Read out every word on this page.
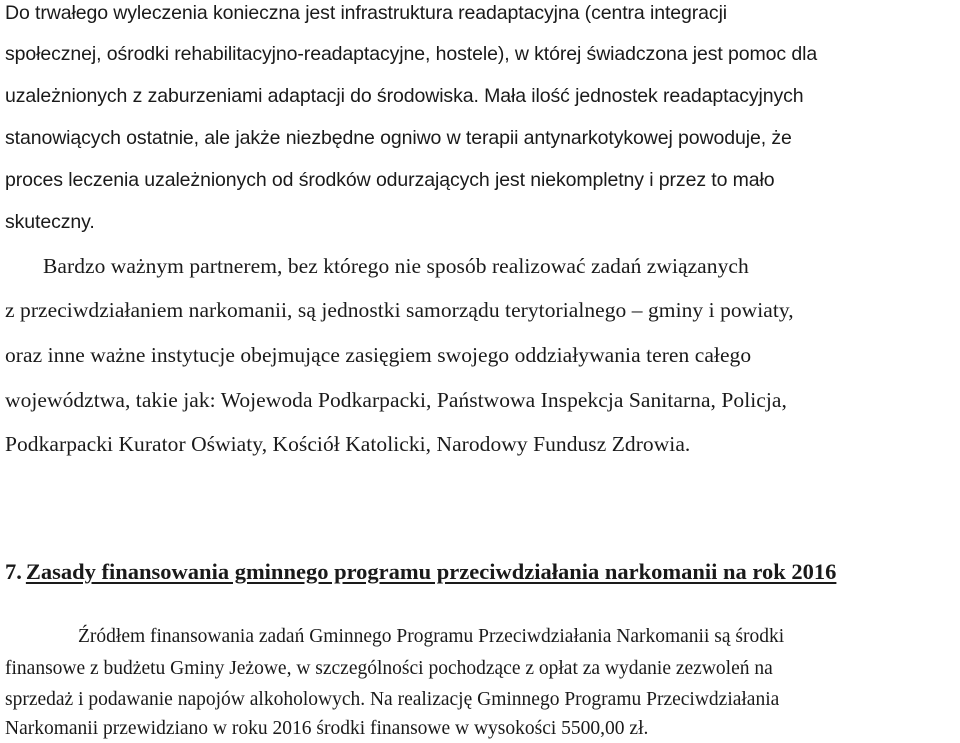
Do trwałego wyleczenia konieczna jest infrastruktura readaptacyjna (centra integracji
społecznej, ośrodki rehabilitacyjno-readaptacyjne, hostele), w której świadczona jest pomoc dla
uzależnionych z zaburzeniami adaptacji do środowiska. Mała ilość jednostek readaptacyjnych
stanowiących ostatnie, ale jakże niezbędne ogniwo w terapii antynarkotykowej powoduje, że
proces leczenia uzależnionych od środków odurzających jest niekompletny i przez to mało
skuteczny.
Bardzo ważnym partnerem, bez którego nie sposób realizować zadań związanych
z przeciwdziałaniem narkomanii, są jednostki samorządu terytorialnego – gminy i powiaty,
oraz inne ważne instytucje obejmujące zasięgiem swojego oddziaływania teren całego
województwa, takie jak: Wojewoda Podkarpacki, Państwowa Inspekcja Sanitarna, Policja,
Podkarpacki Kurator Oświaty, Kościół Katolicki, Narodowy Fundusz Zdrowia.
7. Zasady finansowania gminnego programu przeciwdziałania narkomanii na rok 2016
Źródłem finansowania zadań Gminnego Programu Przeciwdziałania Narkomanii są środki
finansowe z budżetu Gminy Jeżowe, w szczególności pochodzące z opłat za wydanie zezwoleń na
sprzedaż i podawanie napojów alkoholowych. Na realizację Gminnego Programu Przeciwdziałania
Narkomanii przewidziano w roku 2016 środki finansowe w wysokości 5500,00 zł.
